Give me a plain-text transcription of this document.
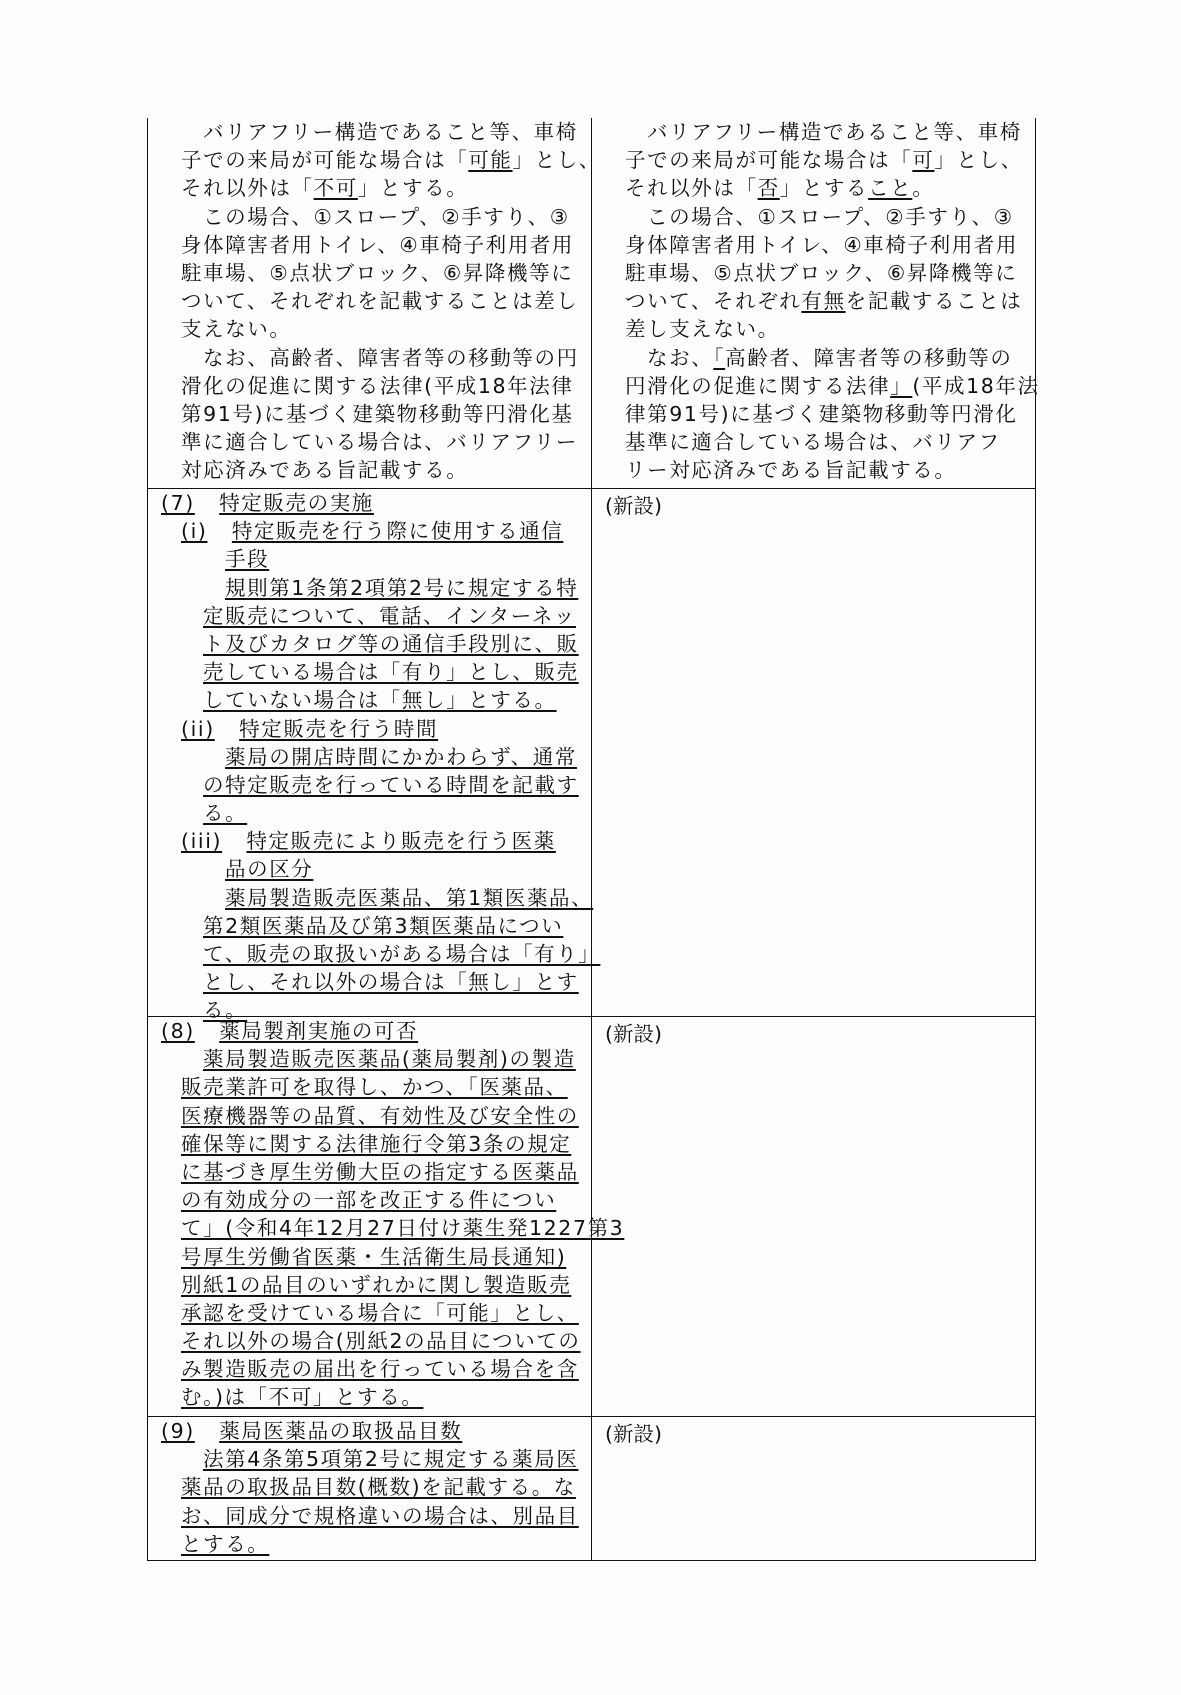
バリアフリー構造であること等、車椅
子での来局が可能な場合は「可能」とし、
それ以外は「不可」とする。
この場合、①スロープ、②手すり、③
身体障害者用トイレ、④車椅子利用者用
駐車場、⑤点状ブロック、⑥昇降機等に
ついて、それぞれを記載することは差し
支えない。
なお、高齢者、障害者等の移動等の円
滑化の促進に関する法律(平成18年法律
第91号)に基づく建築物移動等円滑化基
準に適合している場合は、バリアフリー
対応済みである旨記載する。
バリアフリー構造であること等、車椅
子での来局が可能な場合は「可」とし、
それ以外は「否」とすること。
この場合、①スロープ、②手すり、③
身体障害者用トイレ、④車椅子利用者用
駐車場、⑤点状ブロック、⑥昇降機等に
ついて、それぞれ有無を記載することは
差し支えない。
なお、「高齢者、障害者等の移動等の
円滑化の促進に関する法律」(平成18年法
律第91号)に基づく建築物移動等円滑化
基準に適合している場合は、バリアフ
リー対応済みである旨記載する。
(7) 特定販売の実施
(i) 特定販売を行う際に使用する通信
手段
規則第1条第2項第2号に規定する特
定販売について、電話、インターネッ
ト及びカタログ等の通信手段別に、販
売している場合は「有り」とし、販売
していない場合は「無し」とする。
(ii) 特定販売を行う時間
薬局の開店時間にかかわらず、通常
の特定販売を行っている時間を記載す
る。
(iii) 特定販売により販売を行う医薬
品の区分
薬局製造販売医薬品、第1類医薬品、
第2類医薬品及び第3類医薬品につい
て、販売の取扱いがある場合は「有り」
とし、それ以外の場合は「無し」とす
る。
(新設)
(8) 薬局製剤実施の可否
薬局製造販売医薬品(薬局製剤)の製造
販売業許可を取得し、かつ、「医薬品、
医療機器等の品質、有効性及び安全性の
確保等に関する法律施行令第3条の規定
に基づき厚生労働大臣の指定する医薬品
の有効成分の一部を改正する件につい
て」(令和4年12月27日付け薬生発1227第3
号厚生労働省医薬・生活衛生局長通知)
別紙1の品目のいずれかに関し製造販売
承認を受けている場合に「可能」とし、
それ以外の場合(別紙2の品目についての
み製造販売の届出を行っている場合を含
む。)は「不可」とする。
(新設)
(9) 薬局医薬品の取扱品目数
法第4条第5項第2号に規定する薬局医
薬品の取扱品目数(概数)を記載する。な
お、同成分で規格違いの場合は、別品目
とする。
(新設)
